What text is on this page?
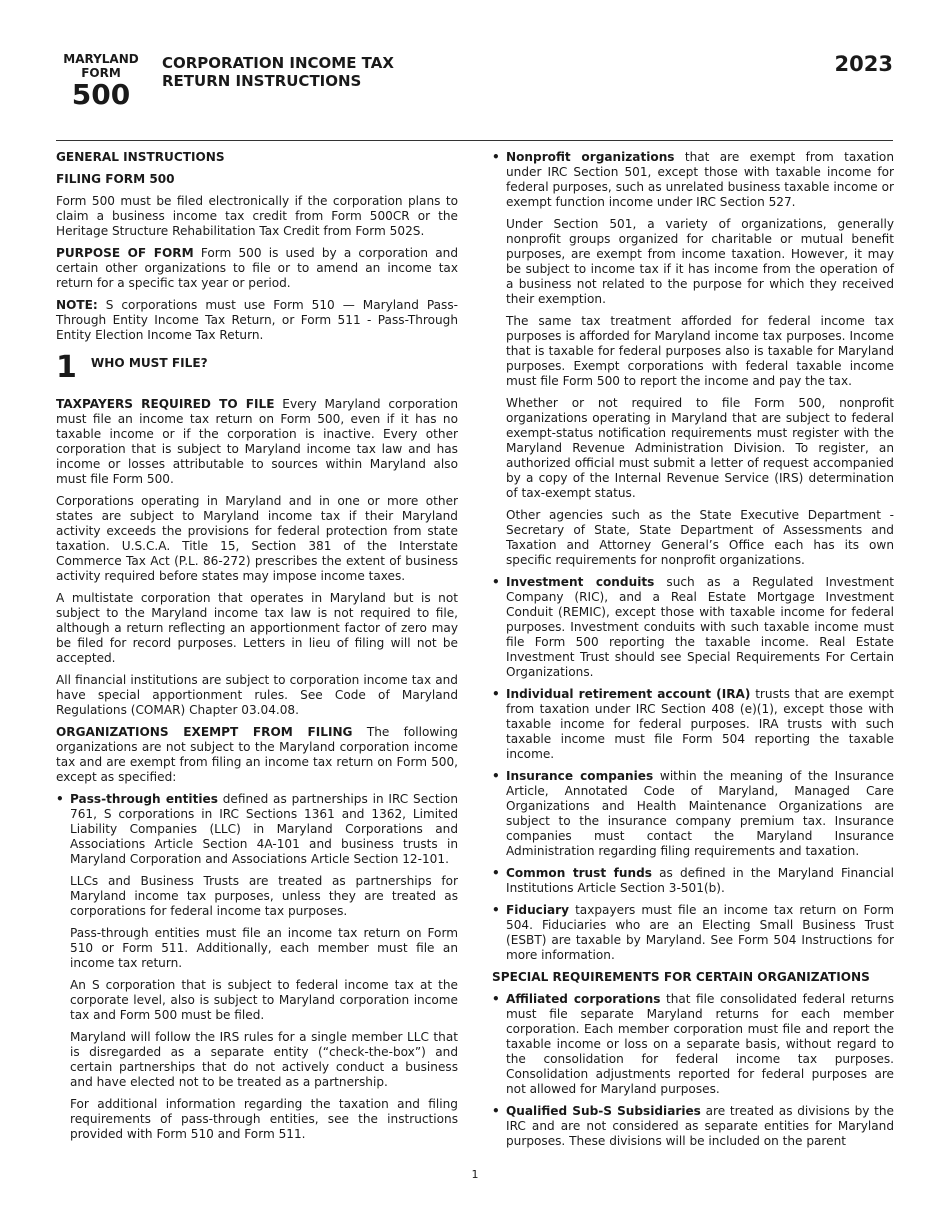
MARYLAND
FORM
500
CORPORATION INCOME TAX
RETURN INSTRUCTIONS
2023
GENERAL INSTRUCTIONS
FILING FORM 500

Form 500 must be filed electronically if the corporation plans to claim a business income tax credit from Form 500CR or the Heritage Structure Rehabilitation Tax Credit from Form 502S.

PURPOSE OF FORM Form 500 is used by a corporation and certain other organizations to file or to amend an income tax return for a specific tax year or period.

NOTE: S corporations must use Form 510 — Maryland Pass-Through Entity Income Tax Return, or Form 511 - Pass-Through Entity Election Income Tax Return.

1 WHO MUST FILE?

TAXPAYERS REQUIRED TO FILE Every Maryland corporation must file an income tax return on Form 500, even if it has no taxable income or if the corporation is inactive. Every other corporation that is subject to Maryland income tax law and has income or losses attributable to sources within Maryland also must file Form 500.

Corporations operating in Maryland and in one or more other states are subject to Maryland income tax if their Maryland activity exceeds the provisions for federal protection from state taxation. U.S.C.A. Title 15, Section 381 of the Interstate Commerce Tax Act (P.L. 86-272) prescribes the extent of business activity required before states may impose income taxes.

A multistate corporation that operates in Maryland but is not subject to the Maryland income tax law is not required to file, although a return reflecting an apportionment factor of zero may be filed for record purposes. Letters in lieu of filing will not be accepted.

All financial institutions are subject to corporation income tax and have special apportionment rules. See Code of Maryland Regulations (COMAR) Chapter 03.04.08.

ORGANIZATIONS EXEMPT FROM FILING The following organizations are not subject to the Maryland corporation income tax and are exempt from filing an income tax return on Form 500, except as specified:

• Pass-through entities defined as partnerships in IRC Section 761, S corporations in IRC Sections 1361 and 1362, Limited Liability Companies (LLC) in Maryland Corporations and Associations Article Section 4A-101 and business trusts in Maryland Corporation and Associations Article Section 12-101.

LLCs and Business Trusts are treated as partnerships for Maryland income tax purposes, unless they are treated as corporations for federal income tax purposes.

Pass-through entities must file an income tax return on Form 510 or Form 511. Additionally, each member must file an income tax return.

An S corporation that is subject to federal income tax at the corporate level, also is subject to Maryland corporation income tax and Form 500 must be filed.

Maryland will follow the IRS rules for a single member LLC that is disregarded as a separate entity (“check-the-box”) and certain partnerships that do not actively conduct a business and have elected not to be treated as a partnership.

For additional information regarding the taxation and filing requirements of pass-through entities, see the instructions provided with Form 510 and Form 511.

• Nonprofit organizations that are exempt from taxation under IRC Section 501, except those with taxable income for federal purposes, such as unrelated business taxable income or exempt function income under IRC Section 527.

Under Section 501, a variety of organizations, generally nonprofit groups organized for charitable or mutual benefit purposes, are exempt from income taxation. However, it may be subject to income tax if it has income from the operation of a business not related to the purpose for which they received their exemption.

The same tax treatment afforded for federal income tax purposes is afforded for Maryland income tax purposes. Income that is taxable for federal purposes also is taxable for Maryland purposes. Exempt corporations with federal taxable income must file Form 500 to report the income and pay the tax.

Whether or not required to file Form 500, nonprofit organizations operating in Maryland that are subject to federal exempt-status notification requirements must register with the Maryland Revenue Administration Division. To register, an authorized official must submit a letter of request accompanied by a copy of the Internal Revenue Service (IRS) determination of tax-exempt status.

Other agencies such as the State Executive Department - Secretary of State, State Department of Assessments and Taxation and Attorney General’s Office each has its own specific requirements for nonprofit organizations.

• Investment conduits such as a Regulated Investment Company (RIC), and a Real Estate Mortgage Investment Conduit (REMIC), except those with taxable income for federal purposes. Investment conduits with such taxable income must file Form 500 reporting the taxable income. Real Estate Investment Trust should see Special Requirements For Certain Organizations.
• Individual retirement account (IRA) trusts that are exempt from taxation under IRC Section 408 (e)(1), except those with taxable income for federal purposes. IRA trusts with such taxable income must file Form 504 reporting the taxable income.
• Insurance companies within the meaning of the Insurance Article, Annotated Code of Maryland, Managed Care Organizations and Health Maintenance Organizations are subject to the insurance company premium tax. Insurance companies must contact the Maryland Insurance Administration regarding filing requirements and taxation.
• Common trust funds as defined in the Maryland Financial Institutions Article Section 3-501(b).
• Fiduciary taxpayers must file an income tax return on Form 504. Fiduciaries who are an Electing Small Business Trust (ESBT) are taxable by Maryland. See Form 504 Instructions for more information.
SPECIAL REQUIREMENTS FOR CERTAIN ORGANIZATIONS
• Affiliated corporations that file consolidated federal returns must file separate Maryland returns for each member corporation. Each member corporation must file and report the taxable income or loss on a separate basis, without regard to the consolidation for federal income tax purposes. Consolidation adjustments reported for federal purposes are not allowed for Maryland purposes.
• Qualified Sub-S Subsidiaries are treated as divisions by the IRC and are not considered as separate entities for Maryland purposes. These divisions will be included on the parent
1
